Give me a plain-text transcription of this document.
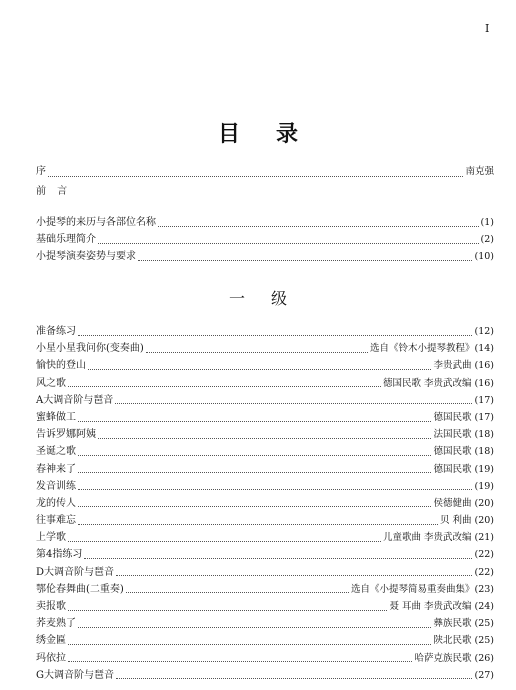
I
目录
序	南克强
前 言
小提琴的来历与各部位名称	(1)
基础乐理简介	(2)
小提琴演奏姿势与要求	(10)
一级
准备练习	(12)
小星小星我问你(变奏曲)	选自《铃木小提琴教程》(14)
愉快的登山	李贵武曲 (16)
风之歌	德国民歌 李贵武改编 (16)
A大调音阶与琶音	(17)
蜜蜂做工	德国民歌 (17)
告诉罗娜阿姨	法国民歌 (18)
圣诞之歌	德国民歌 (18)
春神来了	德国民歌 (19)
发音训练	(19)
龙的传人	侯德健曲 (20)
往事难忘	贝 利曲 (20)
上学歌	儿童歌曲 李贵武改编 (21)
第4指练习	(22)
D大调音阶与琶音	(22)
鄂伦春舞曲(二重奏)	选自《小提琴简易重奏曲集》(23)
卖报歌	聂 耳曲 李贵武改编 (24)
荞麦熟了	彝族民歌 (25)
绣金匾	陕北民歌 (25)
玛依拉	哈萨克族民歌 (26)
G大调音阶与琶音	(27)
